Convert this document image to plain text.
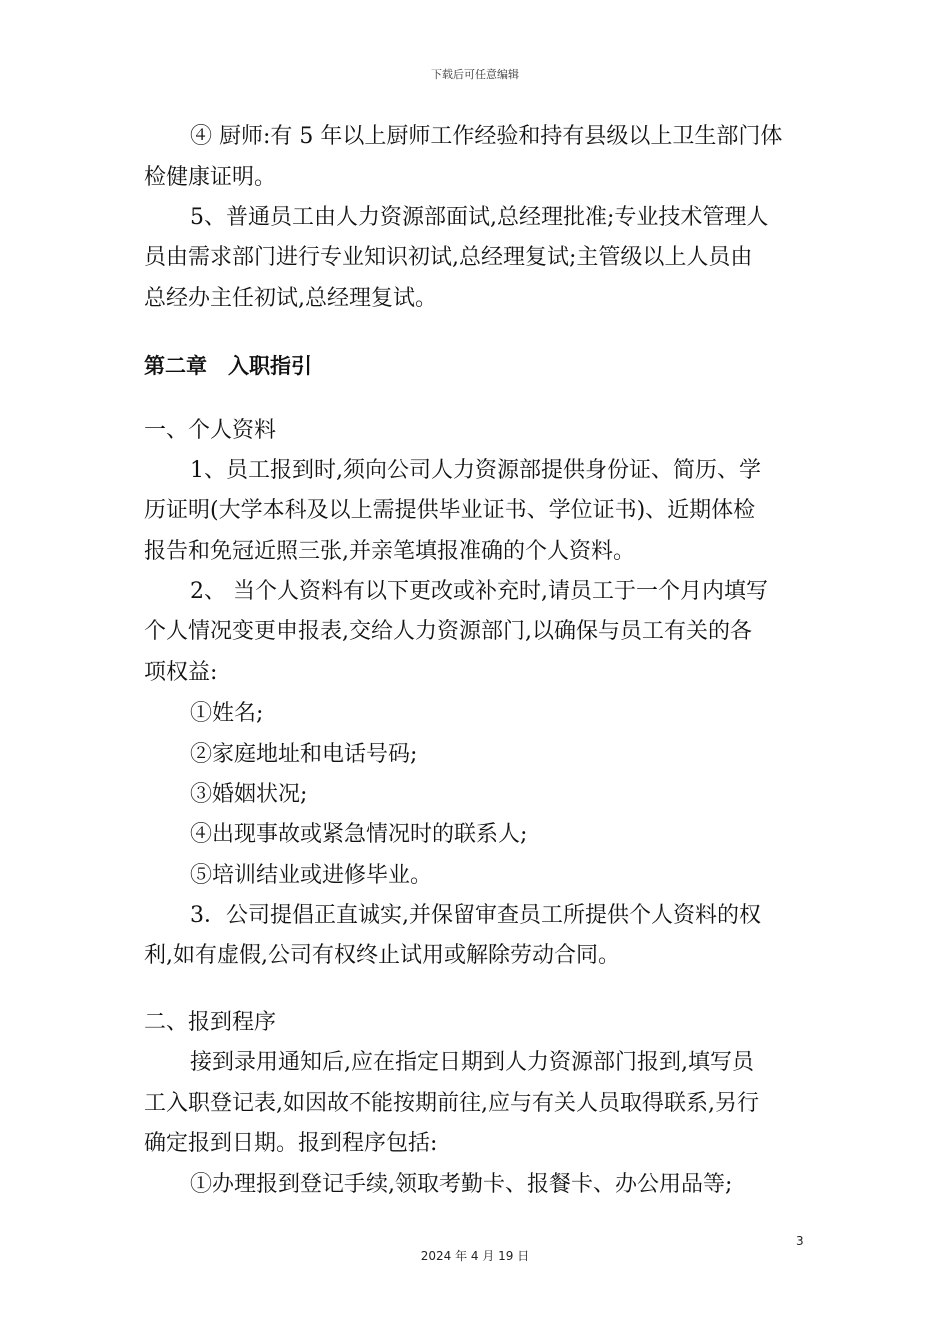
下载后可任意编辑
④ 厨师:有 5 年以上厨师工作经验和持有县级以上卫生部门体
检健康证明。
5、普通员工由人力资源部面试,总经理批准;专业技术管理人
员由需求部门进行专业知识初试,总经理复试;主管级以上人员由
总经办主任初试,总经理复试。
第二章　入职指引
一、个人资料
1、员工报到时,须向公司人力资源部提供身份证、简历、学
历证明(大学本科及以上需提供毕业证书、学位证书)、近期体检
报告和免冠近照三张,并亲笔填报准确的个人资料。
2、 当个人资料有以下更改或补充时,请员工于一个月内填写
个人情况变更申报表,交给人力资源部门,以确保与员工有关的各
项权益:
①姓名;
②家庭地址和电话号码;
③婚姻状况;
④出现事故或紧急情况时的联系人;
⑤培训结业或进修毕业。
3．公司提倡正直诚实,并保留审查员工所提供个人资料的权
利,如有虚假,公司有权终止试用或解除劳动合同。
二、报到程序
接到录用通知后,应在指定日期到人力资源部门报到,填写员
工入职登记表,如因故不能按期前往,应与有关人员取得联系,另行
确定报到日期。报到程序包括:
①办理报到登记手续,领取考勤卡、报餐卡、办公用品等;
3
2024 年 4 月 19 日
